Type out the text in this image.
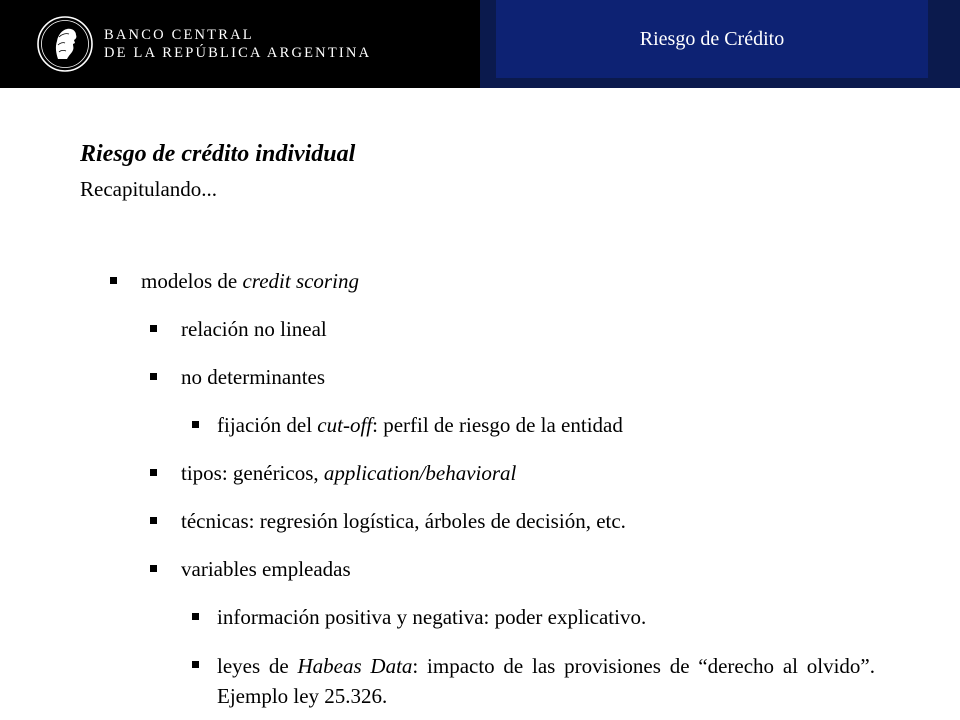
BANCO CENTRAL
DE LA REPÚBLICA ARGENTINA
Riesgo de Crédito

Riesgo de crédito individual

Recapitulando...

modelos de credit scoring
relación no lineal
no determinantes
fijación del cut-off: perfil de riesgo de la entidad
tipos: genéricos, application/behavioral
técnicas: regresión logística, árboles de decisión, etc.
variables empleadas
información positiva y negativa: poder explicativo.
leyes de Habeas Data: impacto de las provisiones de “derecho al olvido”. Ejemplo ley 25.326.
